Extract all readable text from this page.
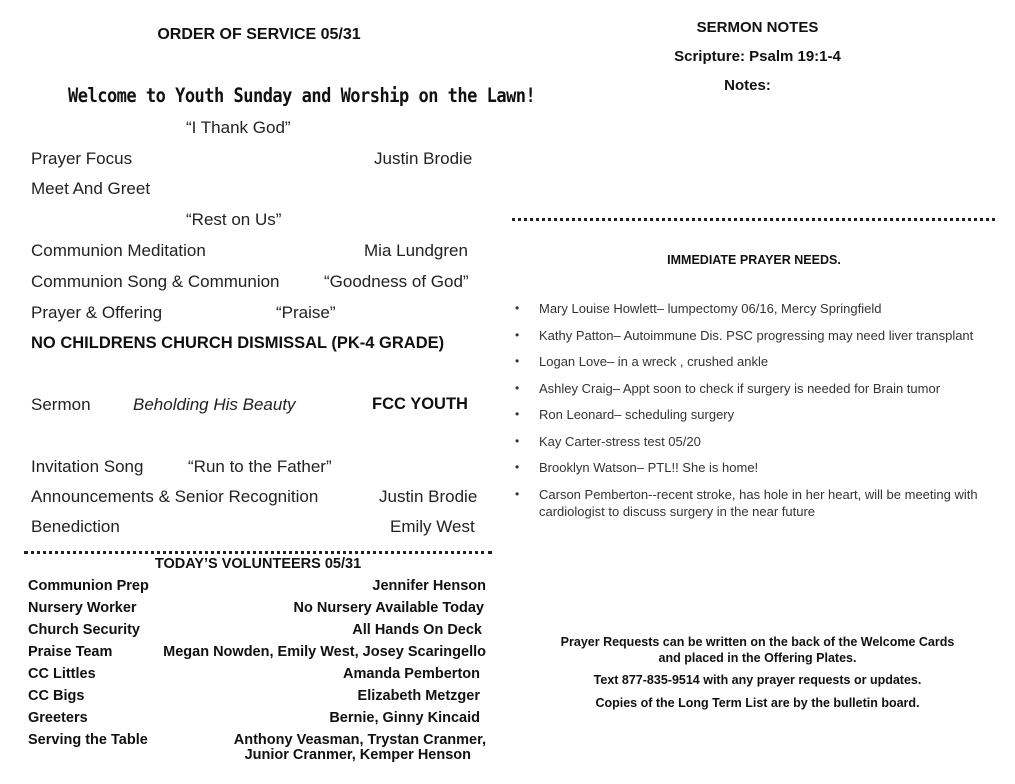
ORDER OF SERVICE 05/31
Welcome to Youth Sunday and Worship on the Lawn!
“I Thank God”
Prayer Focus	Justin Brodie
Meet And Greet
“Rest on Us”
Communion Meditation	Mia Lundgren
Communion Song & Communion	“Goodness of God”
Prayer & Offering	“Praise”
NO CHILDRENS CHURCH DISMISSAL (PK-4 GRADE)
Sermon Beholding His Beauty	FCC YOUTH
Invitation Song	“Run to the Father”
Announcements & Senior Recognition	Justin Brodie
Benediction	Emily West
TODAY’S VOLUNTEERS 05/31
Communion Prep	Jennifer Henson
Nursery Worker	No Nursery Available Today
Church Security	All Hands On Deck
Praise Team	Megan Nowden, Emily West, Josey Scaringello
CC Littles	Amanda Pemberton
CC Bigs	Elizabeth Metzger
Greeters	Bernie, Ginny Kincaid
Serving the Table	Anthony Veasman, Trystan Cranmer,
Junior Cranmer, Kemper Henson
SERMON NOTES
Scripture: Psalm 19:1-4
Notes:
IMMEDIATE PRAYER NEEDS.
• Mary Louise Howlett– lumpectomy 06/16, Mercy Springfield
• Kathy Patton– Autoimmune Dis. PSC progressing may need liver transplant
• Logan Love– in a wreck , crushed ankle
• Ashley Craig– Appt soon to check if surgery is needed for Brain tumor
• Ron Leonard– scheduling surgery
• Kay Carter-stress test 05/20
• Brooklyn Watson– PTL!! She is home!
• Carson Pemberton--recent stroke, has hole in her heart, will be meeting with cardiologist to discuss surgery in the near future
Prayer Requests can be written on the back of the Welcome Cards
and placed in the Offering Plates.
Text 877-835-9514 with any prayer requests or updates.
Copies of the Long Term List are by the bulletin board.
